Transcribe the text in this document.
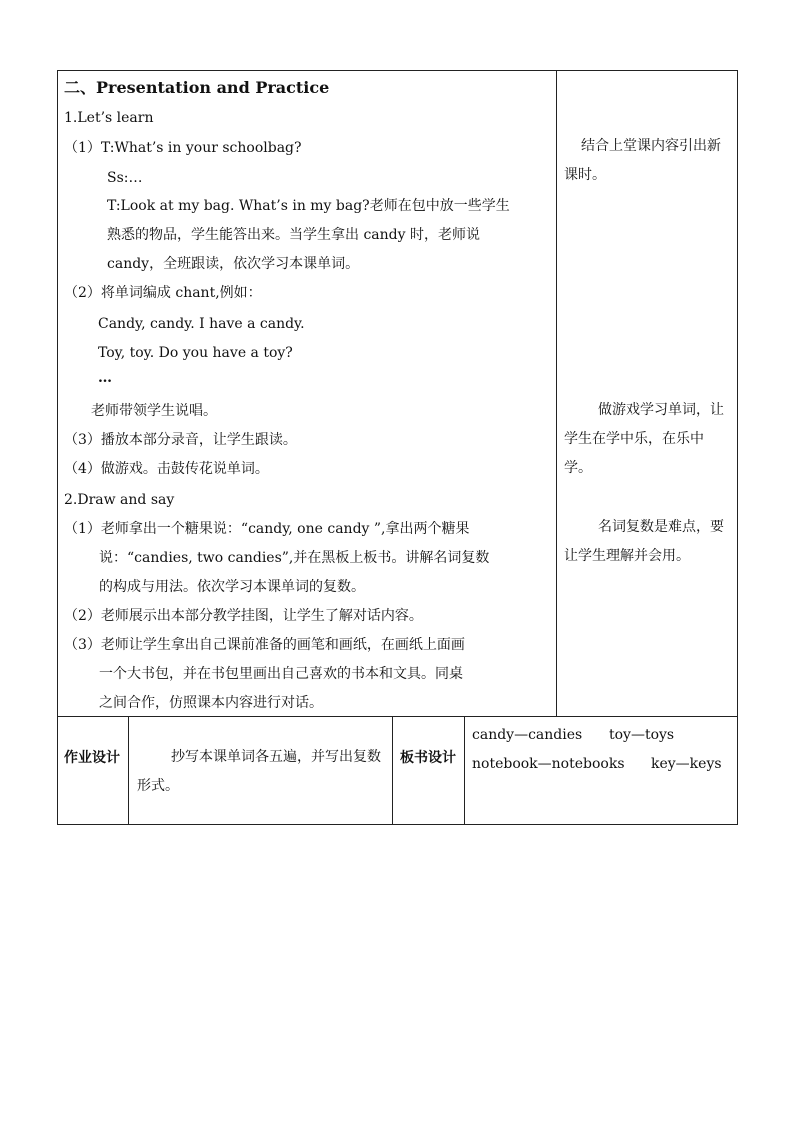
二、Presentation and Practice
1.Let’s learn
（1）T:What’s in your schoolbag?
Ss:…
T:Look at my bag. What’s in my bag?老师在包中放一些学生
熟悉的物品，学生能答出来。当学生拿出 candy 时，老师说
candy，全班跟读，依次学习本课单词。
（2）将单词编成 chant,例如：
Candy, candy. I have a candy.
Toy, toy. Do you have a toy?
…
老师带领学生说唱。
（3）播放本部分录音，让学生跟读。
（4）做游戏。击鼓传花说单词。
2.Draw and say
（1）老师拿出一个糖果说：“candy, one candy ”,拿出两个糖果
说：“candies, two candies”,并在黑板上板书。讲解名词复数
的构成与用法。依次学习本课单词的复数。
（2）老师展示出本部分教学挂图，让学生了解对话内容。
（3）老师让学生拿出自己课前准备的画笔和画纸，在画纸上面画
一个大书包，并在书包里画出自己喜欢的书本和文具。同桌
之间合作，仿照课本内容进行对话。
结合上堂课内容引出新课时。
做游戏学习单词，让学生在学中乐，在乐中学。
名词复数是难点，要让学生理解并会用。
作业设计	抄写本课单词各五遍，并写出复数形式。
板书设计
candy—candies toy—toys
notebook—notebooks key—keys
